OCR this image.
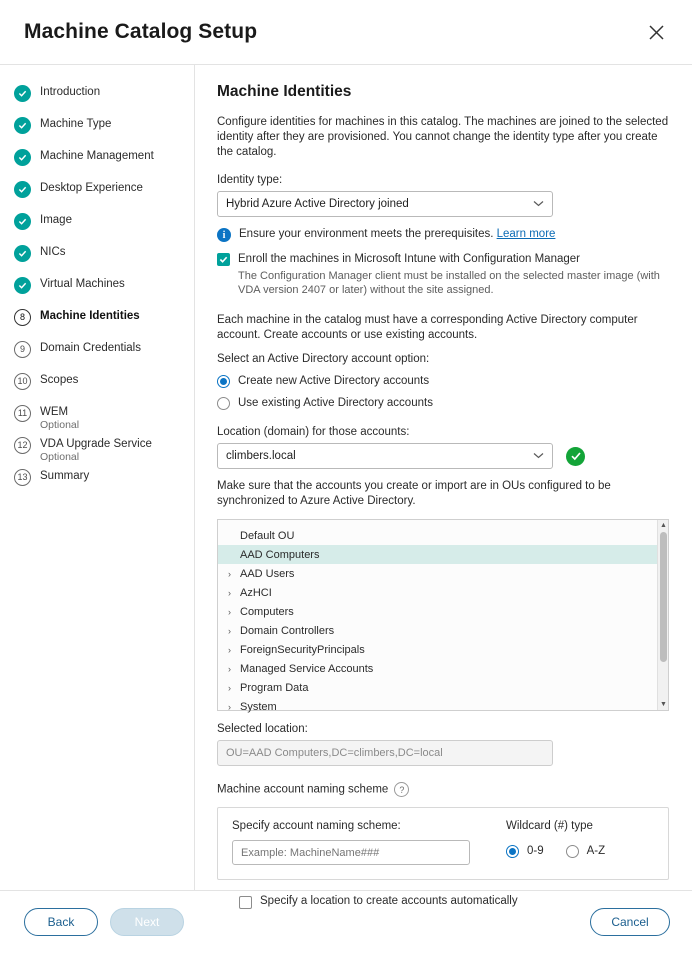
Machine Catalog Setup
Introduction
Machine Type
Machine Management
Desktop Experience
Image
NICs
Virtual Machines
8	Machine Identities
9	Domain Credentials
10	Scopes
11	WEM
Optional
12	VDA Upgrade Service
Optional
13	Summary
Machine Identities
Configure identities for machines in this catalog. The machines are joined to the selected identity after they are provisioned. You cannot change the identity type after you create the catalog.
Identity type:
Hybrid Azure Active Directory joined
i	Ensure your environment meets the prerequisites. Learn more
Enroll the machines in Microsoft Intune with Configuration Manager
The Configuration Manager client must be installed on the selected master image (with VDA version 2407 or later) without the site assigned.
Each machine in the catalog must have a corresponding Active Directory computer account. Create accounts or use existing accounts.
Select an Active Directory account option:
Create new Active Directory accounts
Use existing Active Directory accounts
Location (domain) for those accounts:
climbers.local
Make sure that the accounts you create or import are in OUs configured to be synchronized to Azure Active Directory.
Default OU
AAD Computers
› AAD Users
› AzHCI
› Computers
› Domain Controllers
› ForeignSecurityPrincipals
› Managed Service Accounts
› Program Data
› System
▲
▼
Selected location:
OU=AAD Computers,DC=climbers,DC=local
Machine account naming scheme ?
Specify account naming scheme:
Example: MachineName###	Wildcard (#) type
0-9	A-Z
Specify a location to create accounts automatically
Back	Next	Cancel
